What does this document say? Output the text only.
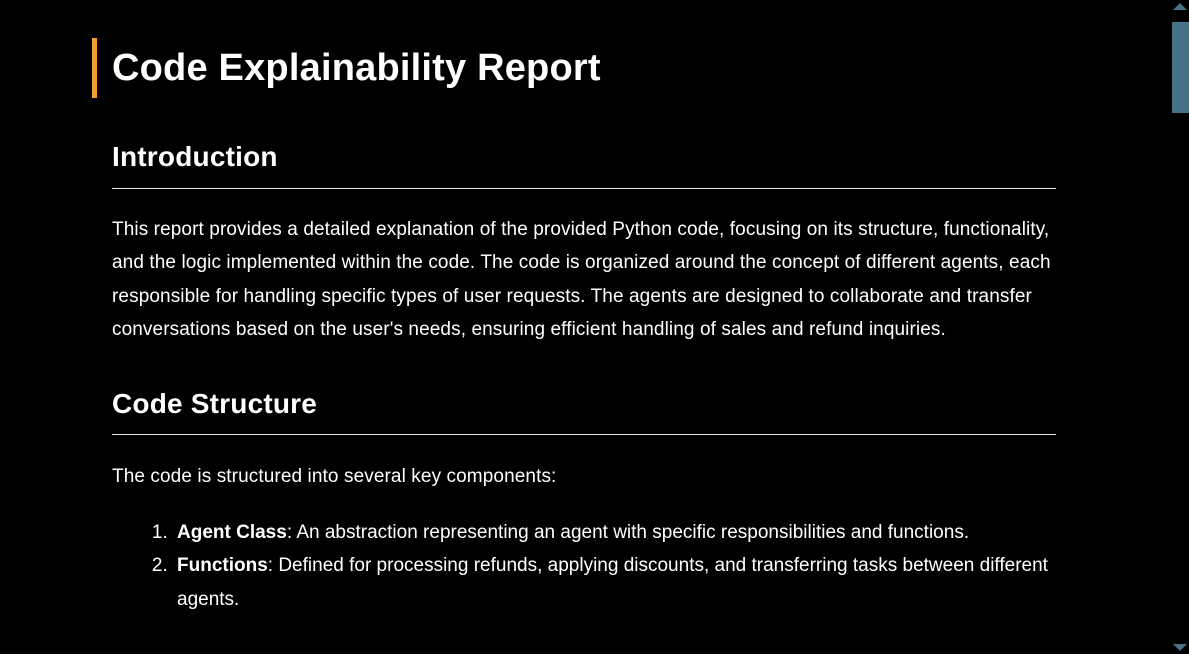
Code Explainability Report
Introduction

This report provides a detailed explanation of the provided Python code, focusing on its structure, functionality, and the logic implemented within the code. The code is organized around the concept of different agents, each responsible for handling specific types of user requests. The agents are designed to collaborate and transfer conversations based on the user's needs, ensuring efficient handling of sales and refund inquiries.

Code Structure

The code is structured into several key components:

1. Agent Class: An abstraction representing an agent with specific responsibilities and functions.
2. Functions: Defined for processing refunds, applying discounts, and transferring tasks between different agents.
